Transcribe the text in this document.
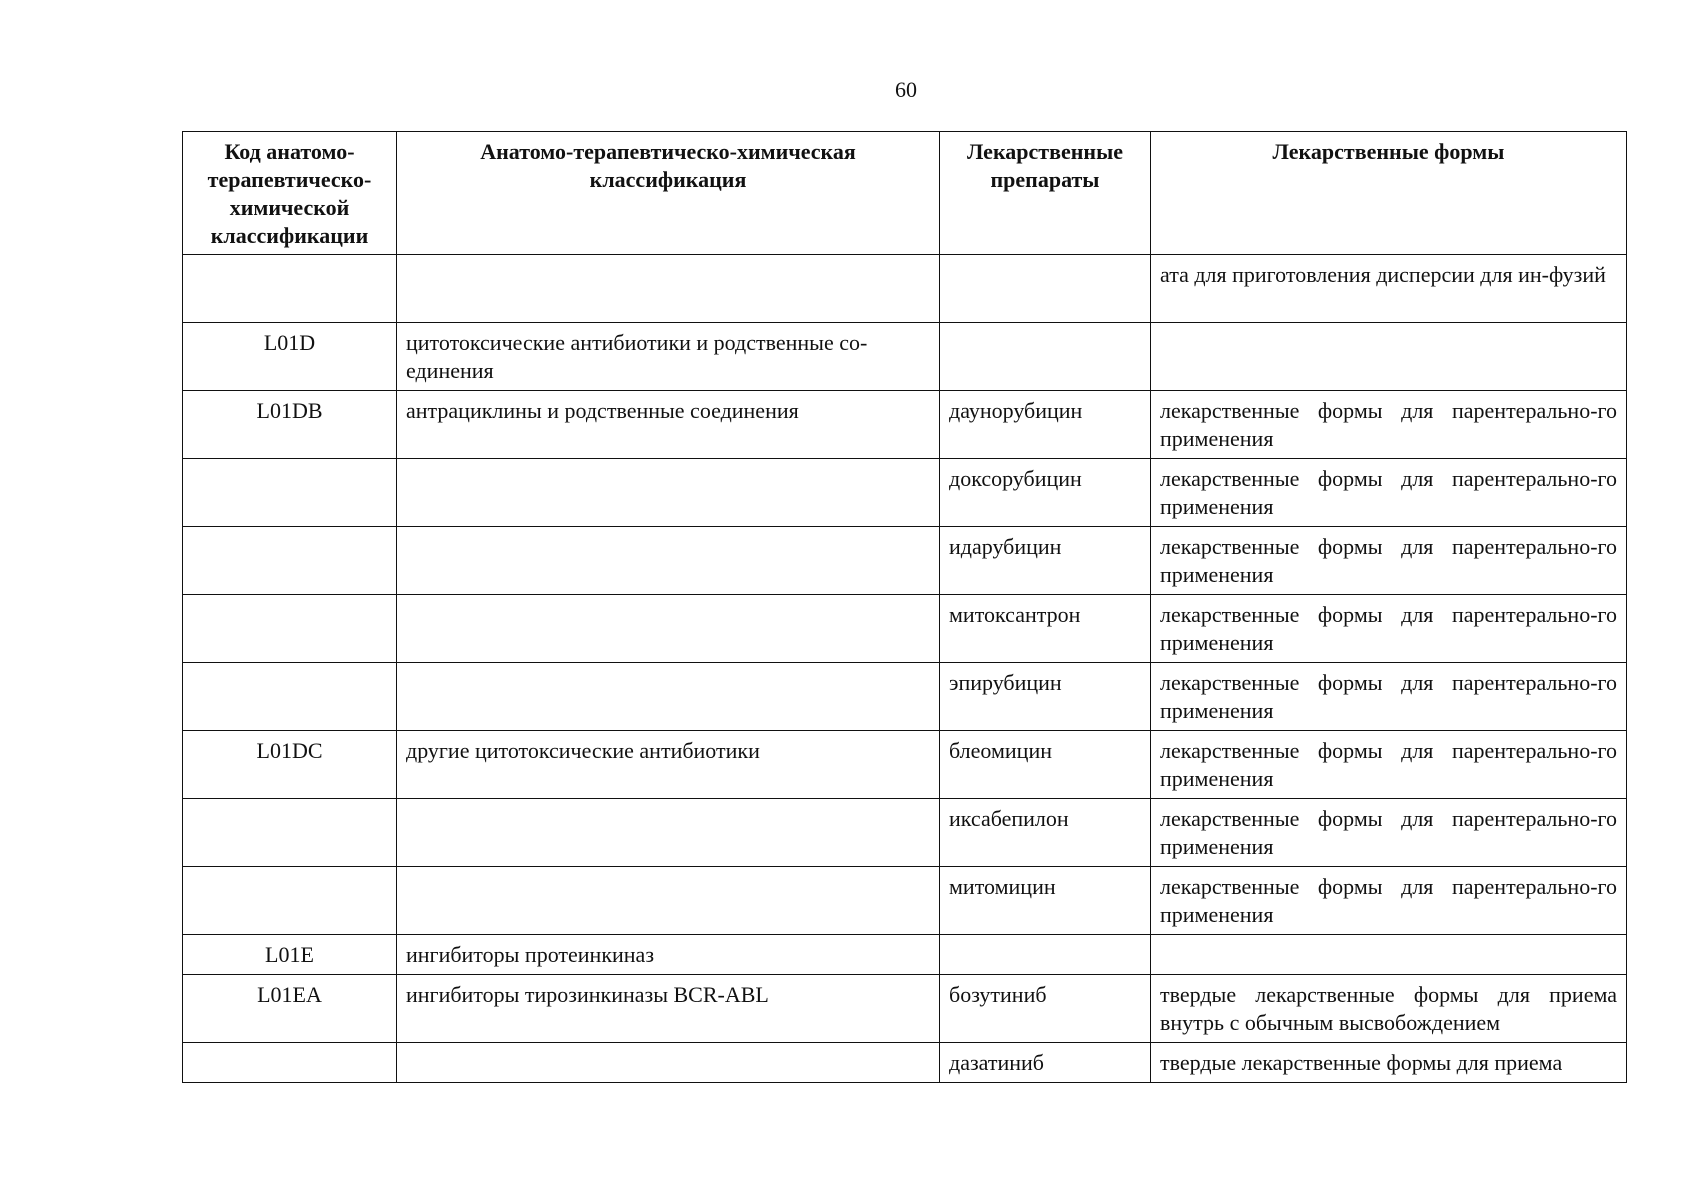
60
Код анатомо-терапевтическо-химической классификации	Анатомо-терапевтическо-химическая классификация	Лекарственные препараты	Лекарственные формы
			ата для приготовления дисперсии для ин-фузий
L01D	цитотоксические антибиотики и родственные со-единения		
L01DB	антрациклины и родственные соединения	даунорубицин	лекарственные формы для парентерально-го применения
		доксорубицин	лекарственные формы для парентерально-го применения
		идарубицин	лекарственные формы для парентерально-го применения
		митоксантрон	лекарственные формы для парентерально-го применения
		эпирубицин	лекарственные формы для парентерально-го применения
L01DC	другие цитотоксические антибиотики	блеомицин	лекарственные формы для парентерально-го применения
		иксабепилон	лекарственные формы для парентерально-го применения
		митомицин	лекарственные формы для парентерально-го применения
L01E	ингибиторы протеинкиназ		
L01EA	ингибиторы тирозинкиназы BCR-ABL	бозутиниб	твердые лекарственные формы для приема внутрь с обычным высвобождением
		дазатиниб	твердые лекарственные формы для приема
